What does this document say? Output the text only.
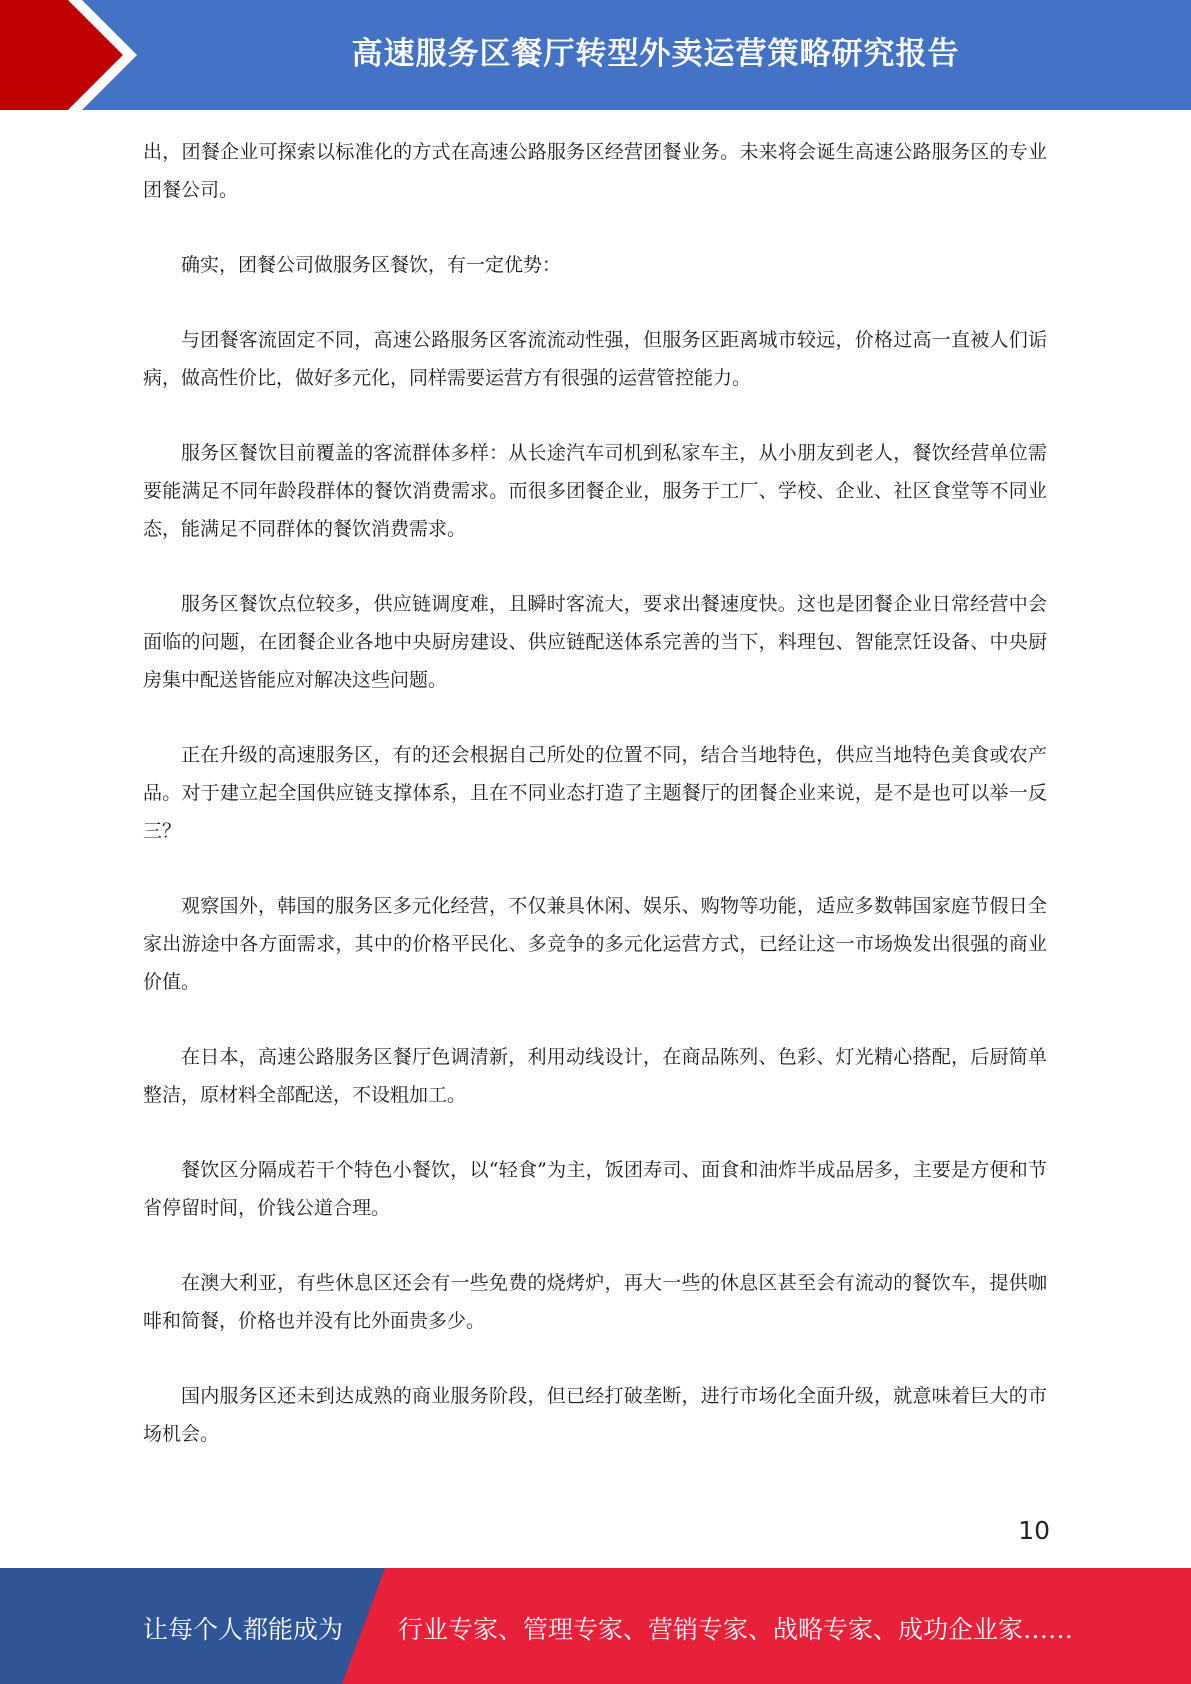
高速服务区餐厅转型外卖运营策略研究报告

出，团餐企业可探索以标准化的方式在高速公路服务区经营团餐业务。未来将会诞生高速公路服务区的专业团餐公司。

确实，团餐公司做服务区餐饮，有一定优势：

与团餐客流固定不同，高速公路服务区客流流动性强，但服务区距离城市较远，价格过高一直被人们诟病，做高性价比，做好多元化，同样需要运营方有很强的运营管控能力。

服务区餐饮目前覆盖的客流群体多样：从长途汽车司机到私家车主，从小朋友到老人，餐饮经营单位需要能满足不同年龄段群体的餐饮消费需求。而很多团餐企业，服务于工厂、学校、企业、社区食堂等不同业态，能满足不同群体的餐饮消费需求。

服务区餐饮点位较多，供应链调度难，且瞬时客流大，要求出餐速度快。这也是团餐企业日常经营中会面临的问题，在团餐企业各地中央厨房建设、供应链配送体系完善的当下，料理包、智能烹饪设备、中央厨房集中配送皆能应对解决这些问题。

正在升级的高速服务区，有的还会根据自己所处的位置不同，结合当地特色，供应当地特色美食或农产品。对于建立起全国供应链支撑体系，且在不同业态打造了主题餐厅的团餐企业来说，是不是也可以举一反三？

观察国外，韩国的服务区多元化经营，不仅兼具休闲、娱乐、购物等功能，适应多数韩国家庭节假日全家出游途中各方面需求，其中的价格平民化、多竞争的多元化运营方式，已经让这一市场焕发出很强的商业价值。

在日本，高速公路服务区餐厅色调清新，利用动线设计，在商品陈列、色彩、灯光精心搭配，后厨简单整洁，原材料全部配送，不设粗加工。

餐饮区分隔成若干个特色小餐饮，以“轻食”为主，饭团寿司、面食和油炸半成品居多，主要是方便和节省停留时间，价钱公道合理。

在澳大利亚，有些休息区还会有一些免费的烧烤炉，再大一些的休息区甚至会有流动的餐饮车，提供咖啡和简餐，价格也并没有比外面贵多少。

国内服务区还未到达成熟的商业服务阶段，但已经打破垄断，进行市场化全面升级，就意味着巨大的市场机会。

10
让每个人都能成为 行业专家、管理专家、营销专家、战略专家、成功企业家……
